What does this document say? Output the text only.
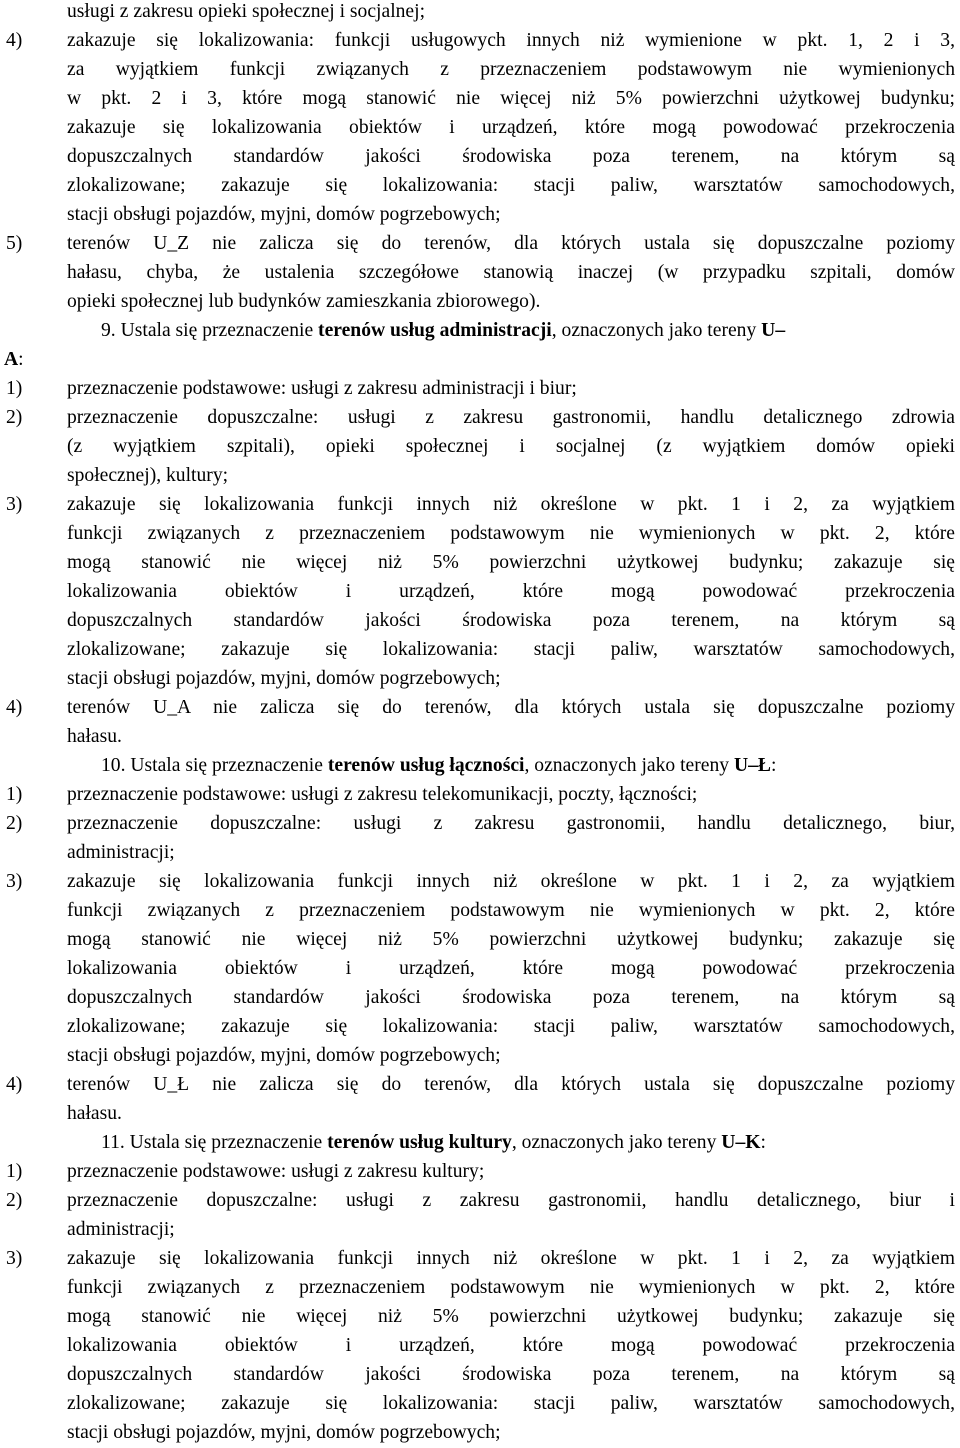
usługi z zakresu opieki społecznej i socjalnej;
4) zakazuje się lokalizowania: funkcji usługowych innych niż wymienione w pkt. 1, 2 i 3,
za wyjątkiem funkcji związanych z przeznaczeniem podstawowym nie wymienionych
w pkt. 2 i 3, które mogą stanowić nie więcej niż 5% powierzchni użytkowej budynku;
zakazuje się lokalizowania obiektów i urządzeń, które mogą powodować przekroczenia
dopuszczalnych standardów jakości środowiska poza terenem, na którym są
zlokalizowane; zakazuje się lokalizowania: stacji paliw, warsztatów samochodowych,
stacji obsługi pojazdów, myjni, domów pogrzebowych;
5) terenów U_Z nie zalicza się do terenów, dla których ustala się dopuszczalne poziomy
hałasu, chyba, że ustalenia szczegółowe stanowią inaczej (w przypadku szpitali, domów
opieki społecznej lub budynków zamieszkania zbiorowego).
9. Ustala się przeznaczenie terenów usług administracji, oznaczonych jako tereny U–
A:
1) przeznaczenie podstawowe: usługi z zakresu administracji i biur;
2) przeznaczenie dopuszczalne: usługi z zakresu gastronomii, handlu detalicznego zdrowia
(z wyjątkiem szpitali), opieki społecznej i socjalnej (z wyjątkiem domów opieki
społecznej), kultury;
3) zakazuje się lokalizowania funkcji innych niż określone w pkt. 1 i 2, za wyjątkiem
funkcji związanych z przeznaczeniem podstawowym nie wymienionych w pkt. 2, które
mogą stanowić nie więcej niż 5% powierzchni użytkowej budynku; zakazuje się
lokalizowania obiektów i urządzeń, które mogą powodować przekroczenia
dopuszczalnych standardów jakości środowiska poza terenem, na którym są
zlokalizowane; zakazuje się lokalizowania: stacji paliw, warsztatów samochodowych,
stacji obsługi pojazdów, myjni, domów pogrzebowych;
4) terenów U_A nie zalicza się do terenów, dla których ustala się dopuszczalne poziomy
hałasu.
10. Ustala się przeznaczenie terenów usług łączności, oznaczonych jako tereny U–Ł:
1) przeznaczenie podstawowe: usługi z zakresu telekomunikacji, poczty, łączności;
2) przeznaczenie dopuszczalne: usługi z zakresu gastronomii, handlu detalicznego, biur,
administracji;
3) zakazuje się lokalizowania funkcji innych niż określone w pkt. 1 i 2, za wyjątkiem
funkcji związanych z przeznaczeniem podstawowym nie wymienionych w pkt. 2, które
mogą stanowić nie więcej niż 5% powierzchni użytkowej budynku; zakazuje się
lokalizowania obiektów i urządzeń, które mogą powodować przekroczenia
dopuszczalnych standardów jakości środowiska poza terenem, na którym są
zlokalizowane; zakazuje się lokalizowania: stacji paliw, warsztatów samochodowych,
stacji obsługi pojazdów, myjni, domów pogrzebowych;
4) terenów U_Ł nie zalicza się do terenów, dla których ustala się dopuszczalne poziomy
hałasu.
11. Ustala się przeznaczenie terenów usług kultury, oznaczonych jako tereny U–K:
1) przeznaczenie podstawowe: usługi z zakresu kultury;
2) przeznaczenie dopuszczalne: usługi z zakresu gastronomii, handlu detalicznego, biur i
administracji;
3) zakazuje się lokalizowania funkcji innych niż określone w pkt. 1 i 2, za wyjątkiem
funkcji związanych z przeznaczeniem podstawowym nie wymienionych w pkt. 2, które
mogą stanowić nie więcej niż 5% powierzchni użytkowej budynku; zakazuje się
lokalizowania obiektów i urządzeń, które mogą powodować przekroczenia
dopuszczalnych standardów jakości środowiska poza terenem, na którym są
zlokalizowane; zakazuje się lokalizowania: stacji paliw, warsztatów samochodowych,
stacji obsługi pojazdów, myjni, domów pogrzebowych;
